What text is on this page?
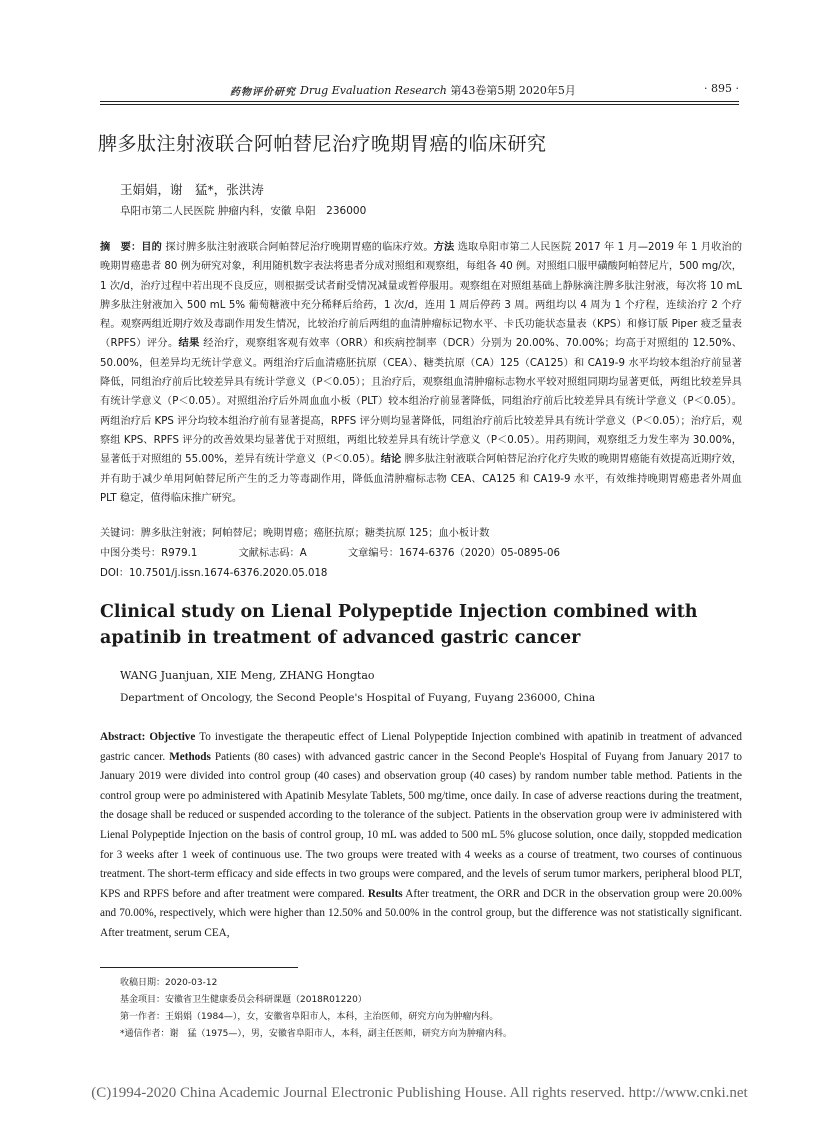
药物评价研究 Drug Evaluation Research 第43卷第5期 2020年5月	· 895 ·
脾多肽注射液联合阿帕替尼治疗晚期胃癌的临床研究
王娟娟，谢　猛*，张洪涛
阜阳市第二人民医院 肿瘤内科，安徽 阜阳　236000
摘　要：目的 探讨脾多肽注射液联合阿帕替尼治疗晚期胃癌的临床疗效。方法 选取阜阳市第二人民医院 2017 年 1 月—2019 年 1 月收治的晚期胃癌患者 80 例为研究对象，利用随机数字表法将患者分成对照组和观察组，每组各 40 例。对照组口服甲磺酸阿帕替尼片，500 mg/次，1 次/d，治疗过程中若出现不良反应，则根据受试者耐受情况减量或暂停服用。观察组在对照组基础上静脉滴注脾多肽注射液，每次将 10 mL 脾多肽注射液加入 500 mL 5% 葡萄糖液中充分稀释后给药，1 次/d，连用 1 周后停药 3 周。两组均以 4 周为 1 个疗程，连续治疗 2 个疗程。观察两组近期疗效及毒副作用发生情况，比较治疗前后两组的血清肿瘤标记物水平、卡氏功能状态量表（KPS）和修订版 Piper 疲乏量表（RPFS）评分。结果 经治疗，观察组客观有效率（ORR）和疾病控制率（DCR）分别为 20.00%、70.00%；均高于对照组的 12.50%、50.00%，但差异均无统计学意义。两组治疗后血清癌胚抗原（CEA）、糖类抗原（CA）125（CA125）和 CA19-9 水平均较本组治疗前显著降低，同组治疗前后比较差异具有统计学意义（P＜0.05）；且治疗后，观察组血清肿瘤标志物水平较对照组同期均显著更低，两组比较差异具有统计学意义（P＜0.05）。对照组治疗后外周血血小板（PLT）较本组治疗前显著降低，同组治疗前后比较差异具有统计学意义（P＜0.05）。两组治疗后 KPS 评分均较本组治疗前有显著提高，RPFS 评分则均显著降低，同组治疗前后比较差异具有统计学意义（P＜0.05）；治疗后，观察组 KPS、RPFS 评分的改善效果均显著优于对照组，两组比较差异具有统计学意义（P＜0.05）。用药期间，观察组乏力发生率为 30.00%，显著低于对照组的 55.00%，差异有统计学意义（P＜0.05）。结论 脾多肽注射液联合阿帕替尼治疗化疗失败的晚期胃癌能有效提高近期疗效，并有助于减少单用阿帕替尼所产生的乏力等毒副作用，降低血清肿瘤标志物 CEA、CA125 和 CA19-9 水平，有效维持晚期胃癌患者外周血 PLT 稳定，值得临床推广研究。
关键词：脾多肽注射液；阿帕替尼；晚期胃癌；癌胚抗原；糖类抗原 125；血小板计数
中图分类号：R979.1	文献标志码：A	文章编号：1674-6376（2020）05-0895-06
DOI：10.7501/j.issn.1674-6376.2020.05.018
Clinical study on Lienal Polypeptide Injection combined with apatinib in treatment of advanced gastric cancer
WANG Juanjuan, XIE Meng, ZHANG Hongtao
Department of Oncology, the Second People's Hospital of Fuyang, Fuyang 236000, China
Abstract: Objective To investigate the therapeutic effect of Lienal Polypeptide Injection combined with apatinib in treatment of advanced gastric cancer. Methods Patients (80 cases) with advanced gastric cancer in the Second People's Hospital of Fuyang from January 2017 to January 2019 were divided into control group (40 cases) and observation group (40 cases) by random number table method. Patients in the control group were po administered with Apatinib Mesylate Tablets, 500 mg/time, once daily. In case of adverse reactions during the treatment, the dosage shall be reduced or suspended according to the tolerance of the subject. Patients in the observation group were iv administered with Lienal Polypeptide Injection on the basis of control group, 10 mL was added to 500 mL 5% glucose solution, once daily, stoppded medication for 3 weeks after 1 week of continuous use. The two groups were treated with 4 weeks as a course of treatment, two courses of continuous treatment. The short-term efficacy and side effects in two groups were compared, and the levels of serum tumor markers, peripheral blood PLT, KPS and RPFS before and after treatment were compared. Results After treatment, the ORR and DCR in the observation group were 20.00% and 70.00%, respectively, which were higher than 12.50% and 50.00% in the control group, but the difference was not statistically significant. After treatment, serum CEA,
收稿日期：2020-03-12
基金项目：安徽省卫生健康委员会科研课题（2018R01220）
第一作者：王娟娟（1984—），女，安徽省阜阳市人，本科，主治医师，研究方向为肿瘤内科。
*通信作者：谢　猛（1975—），男，安徽省阜阳市人，本科，副主任医师，研究方向为肿瘤内科。
(C)1994-2020 China Academic Journal Electronic Publishing House. All rights reserved. http://www.cnki.net
